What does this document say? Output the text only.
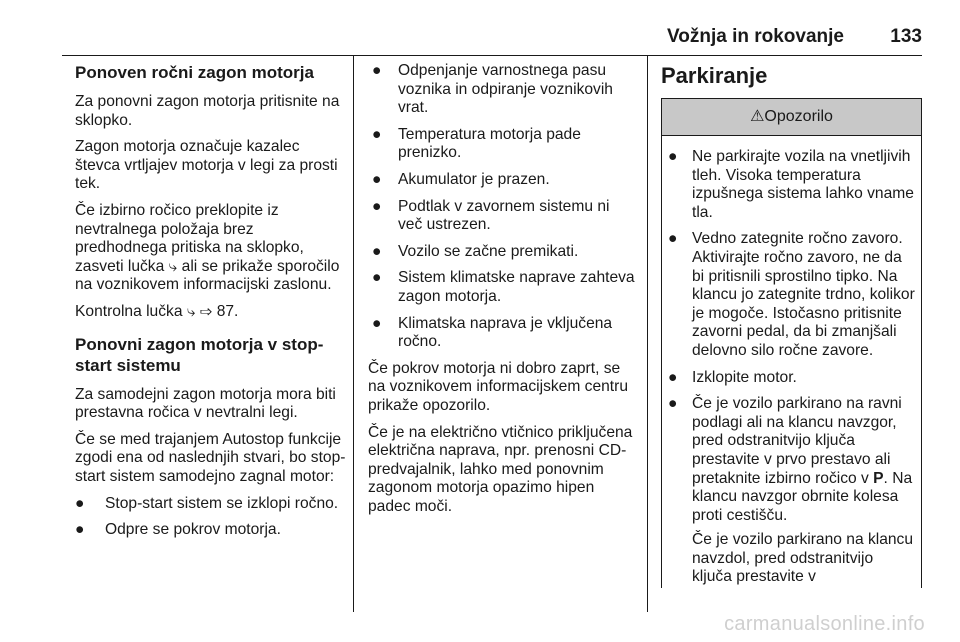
Vožnja in rokovanje 133
Ponoven ročni zagon motorja

Za ponovni zagon motorja pritisnite na sklopko.

Zagon motorja označuje kazalec števca vrtljajev motorja v legi za prosti tek.

Če izbirno ročico preklopite iz nevtralnega položaja brez predhodnega pritiska na sklopko, zasveti lučka ⤷ ali se prikaže sporočilo na voznikovem informacijski zaslonu.

Kontrolna lučka ⤷ ⇨ 87.

Ponovni zagon motorja v stop-start sistemu

Za samodejni zagon motorja mora biti prestavna ročica v nevtralni legi.

Če se med trajanjem Autostop funkcije zgodi ena od naslednjih stvari, bo stop-start sistem samodejno zagnal motor:

● Stop-start sistem se izklopi ročno.
● Odpre se pokrov motorja.
● Odpenjanje varnostnega pasu voznika in odpiranje voznikovih vrat.
● Temperatura motorja pade prenizko.
● Akumulator je prazen.
● Podtlak v zavornem sistemu ni več ustrezen.
● Vozilo se začne premikati.
● Sistem klimatske naprave zahteva zagon motorja.
● Klimatska naprava je vključena ročno.

Če pokrov motorja ni dobro zaprt, se na voznikovem informacijskem centru prikaže opozorilo.

Če je na električno vtičnico priključena električna naprava, npr. prenosni CD-predvajalnik, lahko med ponovnim zagonom motorja opazimo hipen padec moči.

Parkiranje
⚠ Opozorilo
● Ne parkirajte vozila na vnetljivih tleh. Visoka temperatura izpušnega sistema lahko vname tla.
● Vedno zategnite ročno zavoro. Aktivirajte ročno zavoro, ne da bi pritisnili sprostilno tipko. Na klancu jo zategnite trdno, kolikor je mogoče. Istočasno pritisnite zavorni pedal, da bi zmanjšali delovno silo ročne zavore.
● Izklopite motor.
● Če je vozilo parkirano na ravni podlagi ali na klancu navzgor, pred odstranitvijo ključa prestavite v prvo prestavo ali pretaknite izbirno ročico v P. Na klancu navzgor obrnite kolesa proti cestišču.
Če je vozilo parkirano na klancu navzdol, pred odstranitvijo ključa prestavite v
carmanualsonline.info
